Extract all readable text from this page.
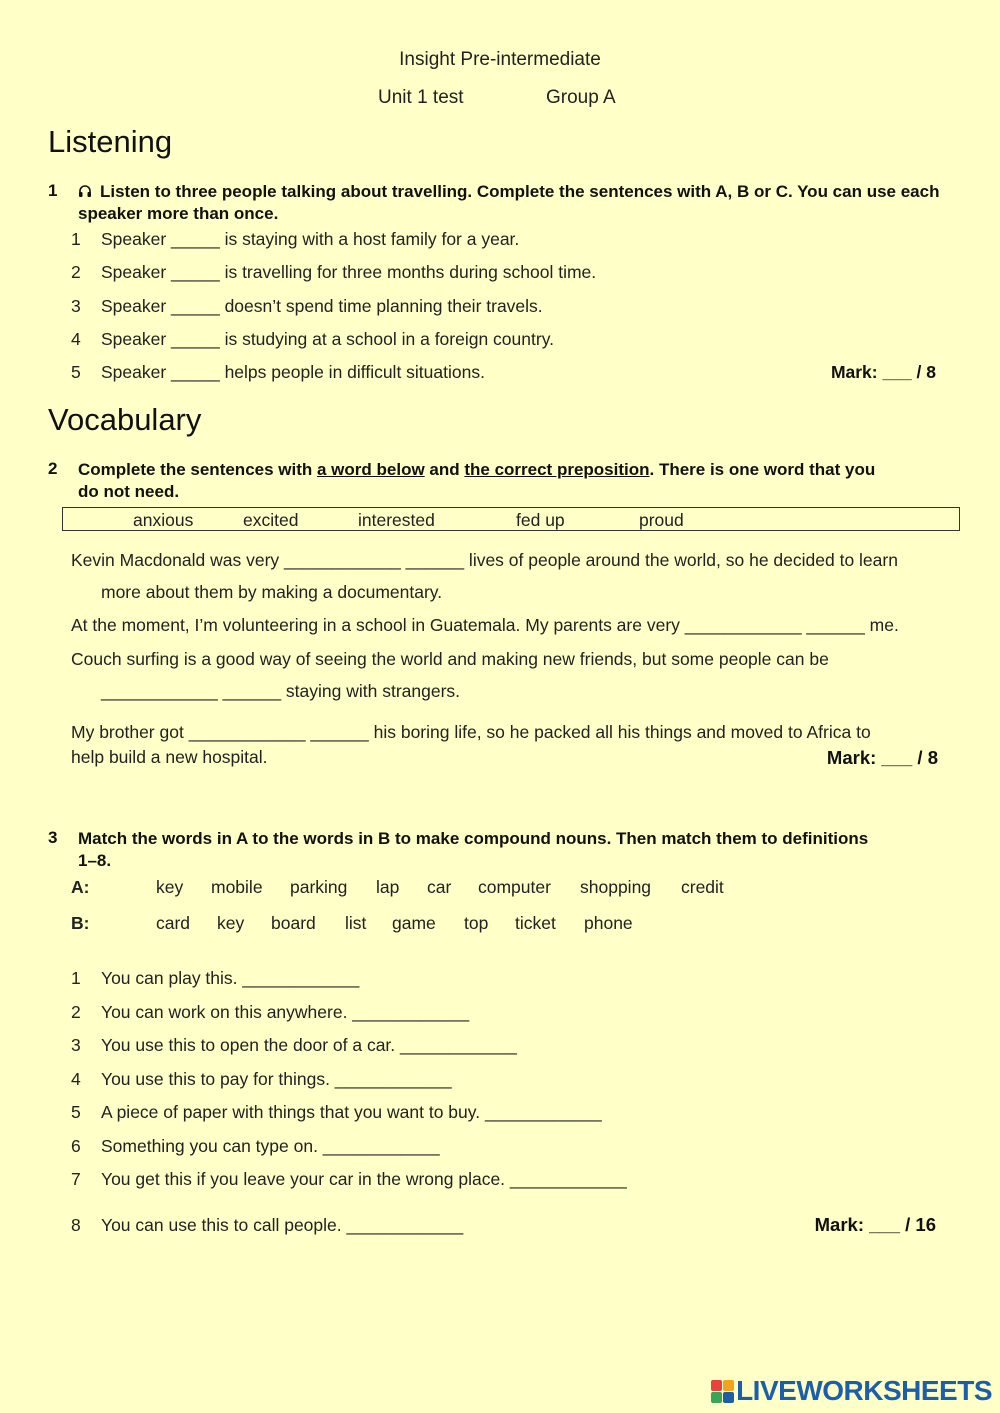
Insight Pre-intermediate
Unit 1 test	Group A
Listening
1	Listen to three people talking about travelling. Complete the sentences with A, B or C. You can use each speaker more than once.
1 Speaker _____ is staying with a host family for a year.
2 Speaker _____ is travelling for three months during school time.
3 Speaker _____ doesn’t spend time planning their travels.
4 Speaker _____ is studying at a school in a foreign country.
5 Speaker _____ helps people in difficult situations.	Mark: ___ / 8
Vocabulary
2 Complete the sentences with a word below and the correct preposition. There is one word that you
do not need.
anxious	excited	interested	fed up	proud
Kevin Macdonald was very ____________ ______ lives of people around the world, so he decided to learn
more about them by making a documentary.
At the moment, I’m volunteering in a school in Guatemala. My parents are very ____________ ______ me.
Couch surfing is a good way of seeing the world and making new friends, but some people can be
____________ ______ staying with strangers.
My brother got ____________ ______ his boring life, so he packed all his things and moved to Africa to
help build a new hospital.	Mark: ___ / 8
3 Match the words in A to the words in B to make compound nouns. Then match them to definitions
1–8.
A:	key mobile parking lap car computer shopping credit
B:	card key board list game top ticket phone
1 You can play this. ____________
2 You can work on this anywhere. ____________
3 You use this to open the door of a car. ____________
4 You use this to pay for things. ____________
5 A piece of paper with things that you want to buy. ____________
6 Something you can type on. ____________
7 You get this if you leave your car in the wrong place. ____________
8 You can use this to call people. ____________	Mark: ___ / 16
LIVEWORKSHEETS
